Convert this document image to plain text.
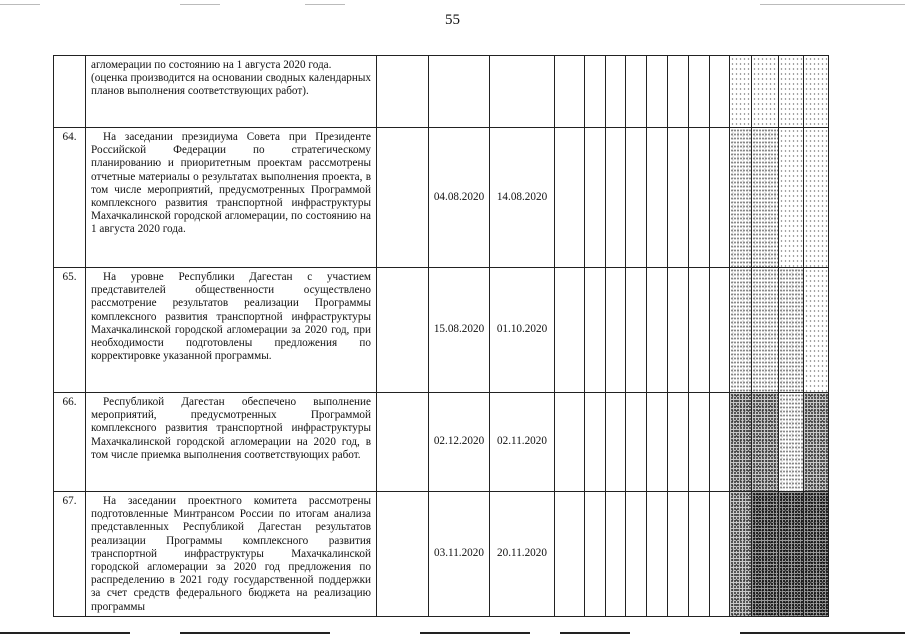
55

	агломерации по состоянию на 1 августа 2020 года.

(оценка производится на основании сводных календарных планов выполнения соответствующих работ).															

64.	На заседании президиума Совета при Президенте Российской Федерации по стратегическому планированию и приоритетным проектам рассмотрены отчетные материалы о результатах выполнения проекта, в том числе мероприятий, предусмотренных Программой комплексного развития транспортной инфраструктуры Махачкалинской городской агломерации, по состоянию на 1 августа 2020 года.		04.08.2020	14.08.2020												
65.	На уровне Республики Дагестан с участием представителей общественности осуществлено рассмотрение результатов реализации Программы комплексного развития транспортной инфраструктуры Махачкалинской городской агломерации за 2020 год, при необходимости подготовлены предложения по корректировке указанной программы.		15.08.2020	01.10.2020												
66.	Республикой Дагестан обеспечено выполнение мероприятий, предусмотренных Программой комплексного развития транспортной инфраструктуры Махачкалинской городской агломерации на 2020 год, в том числе приемка выполнения соответствующих работ.		02.12.2020	02.11.2020												
67.	На заседании проектного комитета рассмотрены подготовленные Минтрансом России по итогам анализа представленных Республикой Дагестан результатов реализации Программы комплексного развития транспортной инфраструктуры Махачкалинской городской агломерации за 2020 год предложения по распределению в 2021 году государственной поддержки за счет средств федерального бюджета на реализацию программы		03.11.2020	20.11.2020												
